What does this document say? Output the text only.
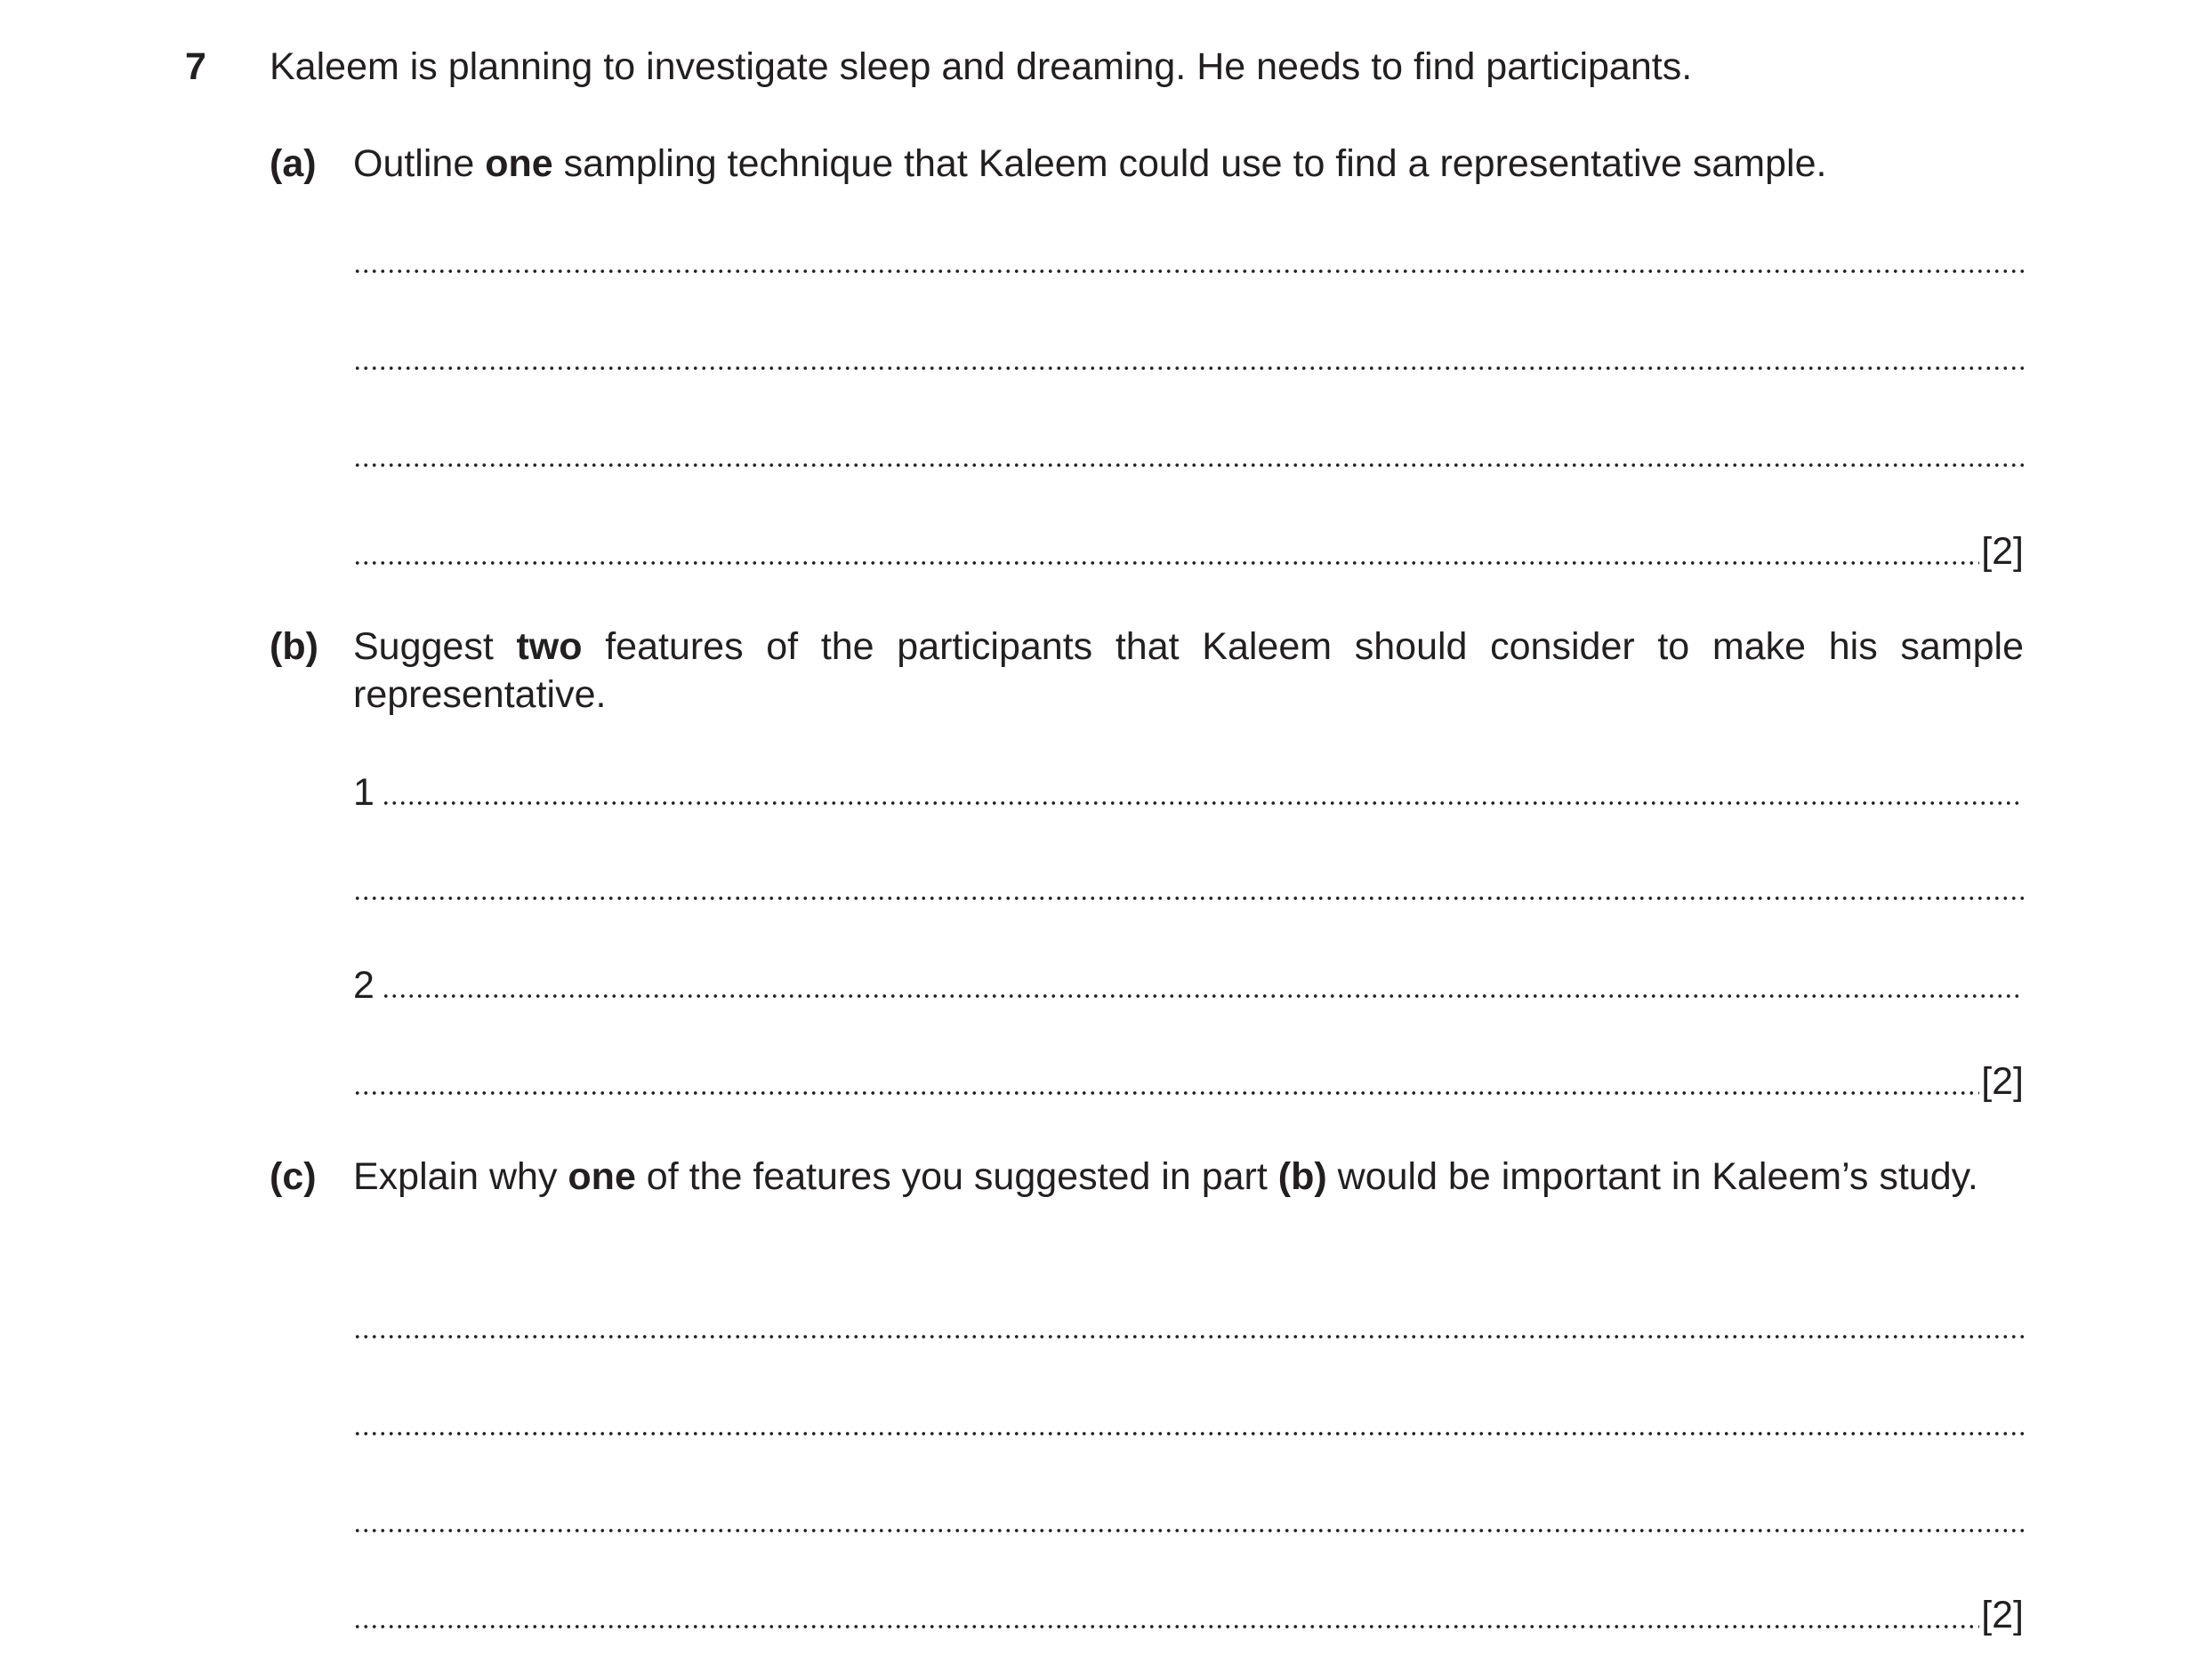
7 Kaleem is planning to investigate sleep and dreaming. He needs to find participants.
(a) Outline one sampling technique that Kaleem could use to find a representative sample.
[2]
(b) Suggest two features of the participants that Kaleem should consider to make his sample representative.
1
2
[2]
(c) Explain why one of the features you suggested in part (b) would be important in Kaleem’s study.
[2]
